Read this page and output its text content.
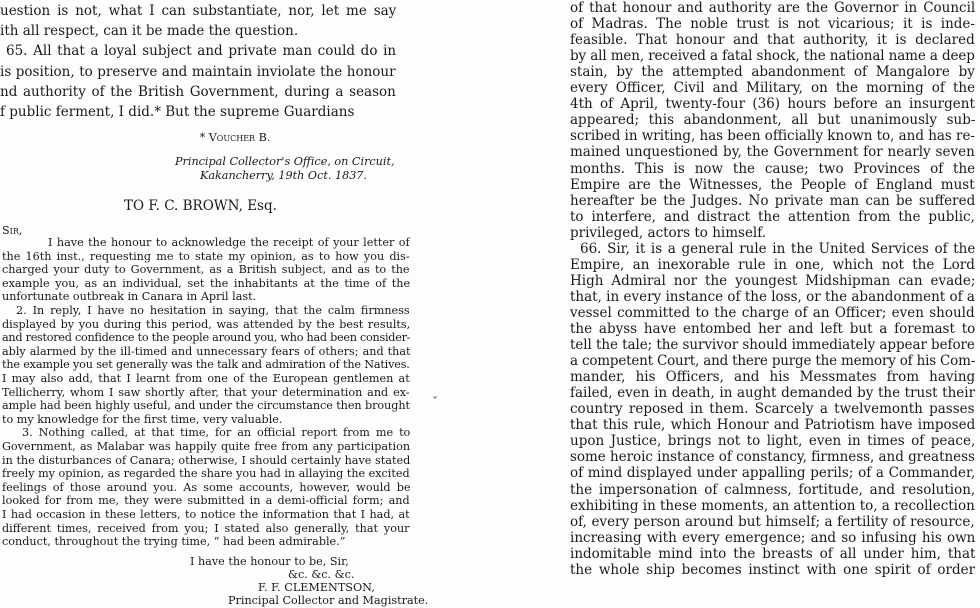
uestion is not, what I can substantiate, nor, let me say
ith all respect, can it be made the question.
65. All that a loyal subject and private man could do in
is position, to preserve and maintain inviolate the honour
nd authority of the British Government, during a season
f public ferment, I did.* But the supreme Guardians
* Voucher B.
Principal Collector's Office, on Circuit,
Kakancherry, 19th Oct. 1837.
TO F. C. BROWN, Esq.
Sir,
I have the honour to acknowledge the receipt of your letter of
the 16th inst., requesting me to state my opinion, as to how you dis-
charged your duty to Government, as a British subject, and as to the
example you, as an individual, set the inhabitants at the time of the
unfortunate outbreak in Canara in April last.
2. In reply, I have no hesitation in saying, that the calm firmness
displayed by you during this period, was attended by the best results,
and restored confidence to the people around you, who had been consider-
ably alarmed by the ill-timed and unnecessary fears of others; and that
the example you set generally was the talk and admiration of the Natives.
I may also add, that I learnt from one of the European gentlemen at
Tellicherry, whom I saw shortly after, that your determination and ex-
ample had been highly useful, and under the circumstance then brought
to my knowledge for the first time, very valuable.
3. Nothing called, at that time, for an official report from me to
Government, as Malabar was happily quite free from any participation
in the disturbances of Canara; otherwise, I should certainly have stated
freely my opinion, as regarded the share you had in allaying the excited
feelings of those around you. As some accounts, however, would be
looked for from me, they were submitted in a demi-official form; and
I had occasion in these letters, to notice the information that I had, at
different times, received from you; I stated also generally, that your
conduct, throughout the trying time, “ had been admirable.”
I have the honour to be, Sir,
&c. &c. &c.
F. F. CLEMENTSON,
Principal Collector and Magistrate.
ˇ
of that honour and authority are the Governor in Council
of Madras. The noble trust is not vicarious; it is inde-
feasible. That honour and that authority, it is declared
by all men, received a fatal shock, the national name a deep
stain, by the attempted abandonment of Mangalore by
every Officer, Civil and Military, on the morning of the
4th of April, twenty-four (36) hours before an insurgent
appeared; this abandonment, all but unanimously sub-
scribed in writing, has been officially known to, and has re-
mained unquestioned by, the Government for nearly seven
months. This is now the cause; two Provinces of the
Empire are the Witnesses, the People of England must
hereafter be the Judges. No private man can be suffered
to interfere, and distract the attention from the public,
privileged, actors to himself.
66. Sir, it is a general rule in the United Services of the
Empire, an inexorable rule in one, which not the Lord
High Admiral nor the youngest Midshipman can evade;
that, in every instance of the loss, or the abandonment of a
vessel committed to the charge of an Officer; even should
the abyss have entombed her and left but a foremast to
tell the tale; the survivor should immediately appear before
a competent Court, and there purge the memory of his Com-
mander, his Officers, and his Messmates from having
failed, even in death, in aught demanded by the trust their
country reposed in them. Scarcely a twelvemonth passes
that this rule, which Honour and Patriotism have imposed
upon Justice, brings not to light, even in times of peace,
some heroic instance of constancy, firmness, and greatness
of mind displayed under appalling perils; of a Commander,
the impersonation of calmness, fortitude, and resolution,
exhibiting in these moments, an attention to, a recollection
of, every person around but himself; a fertility of resource,
increasing with every emergence; and so infusing his own
indomitable mind into the breasts of all under him, that
the whole ship becomes instinct with one spirit of order
